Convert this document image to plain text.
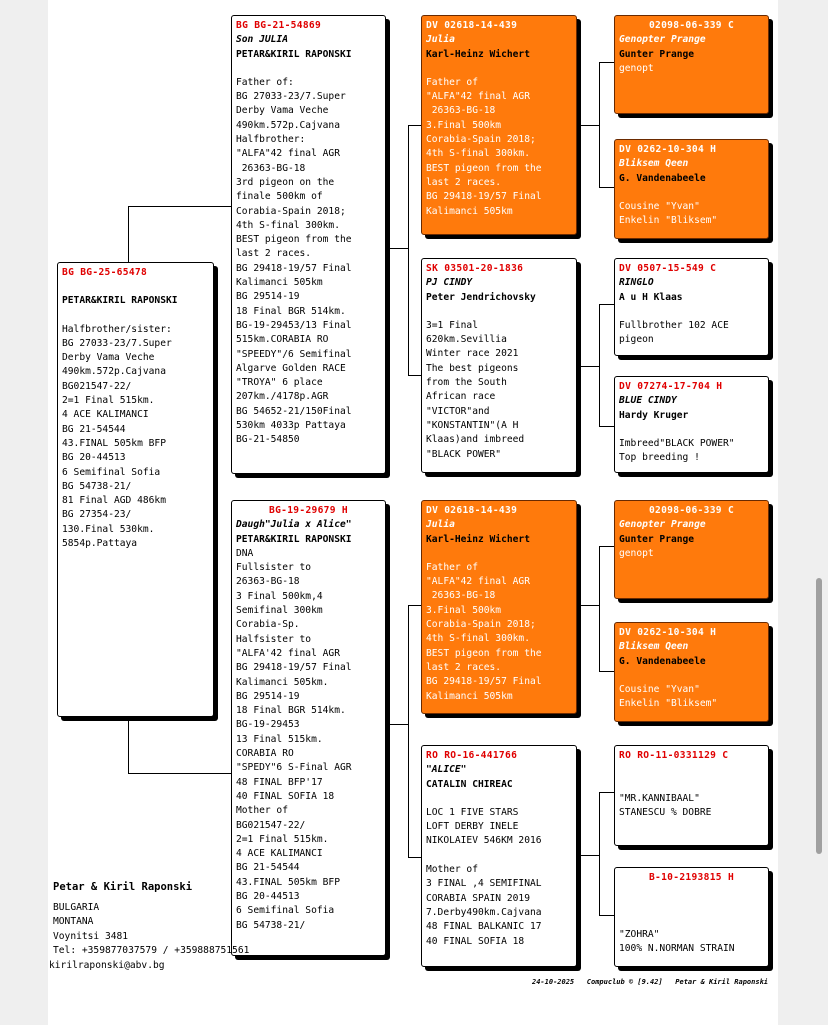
BG BG-25-65478
PETAR&KIRIL RAPONSKI
Halfbrother/sister:
BG 27033-23/7.Super
Derby Vama Veche
490km.572p.Cajvana
BG021547-22/
2=1 Final 515km.
4 ACE KALIMANCI
BG 21-54544
43.FINAL 505km BFP
BG 20-44513
6 Semifinal Sofia
BG 54738-21/
81 Final AGD 486km
BG 27354-23/
130.Final 530km.
5854p.Pattaya
BG BG-21-54869
Son JULIA
PETAR&KIRIL RAPONSKI
Father of:
BG 27033-23/7.Super
Derby Vama Veche
490km.572p.Cajvana
Halfbrother:
"ALFA"42 final AGR
26363-BG-18
3rd pigeon on the
finale 500km of
Corabia-Spain 2018;
4th S-final 300km.
BEST pigeon from the
last 2 races.
BG 29418-19/57 Final
Kalimanci 505km
BG 29514-19
18 Final BGR 514km.
BG-19-29453/13 Final
515km.CORABIA RO
"SPEEDY"/6 Semifinal
Algarve Golden RACE
"TROYA" 6 place
207km./4178p.AGR
BG 54652-21/150Final
530km 4033p Pattaya
BG-21-54850
BG-19-29679 H
Daugh"Julia x Alice"
PETAR&KIRIL RAPONSKI
DNA
Fullsister to
26363-BG-18
3 Final 500km,4
Semifinal 300km
Corabia-Sp.
Halfsister to
"ALFA'42 final AGR
BG 29418-19/57 Final
Kalimanci 505km.
BG 29514-19
18 Final BGR 514km.
BG-19-29453
13 Final 515km.
CORABIA RO
"SPEDY"6 S-Final AGR
48 FINAL BFP'17
40 FINAL SOFIA 18
Mother of
BG021547-22/
2=1 Final 515km.
4 ACE KALIMANCI
BG 21-54544
43.FINAL 505km BFP
BG 20-44513
6 Semifinal Sofia
BG 54738-21/
DV 02618-14-439
Julia
Karl-Heinz Wichert
Father of
"ALFA"42 final AGR
26363-BG-18
3.Final 500km
Corabia-Spain 2018;
4th S-final 300km.
BEST pigeon from the
last 2 races.
BG 29418-19/57 Final
Kalimanci 505km
SK 03501-20-1836
PJ CINDY
Peter Jendrichovsky
3=1 Final
620km.Sevillia
Winter race 2021
The best pigeons
from the South
African race
"VICTOR"and
"KONSTANTIN"(A H
Klaas)and imbreed
"BLACK POWER"
DV 02618-14-439
Julia
Karl-Heinz Wichert
Father of
"ALFA"42 final AGR
26363-BG-18
3.Final 500km
Corabia-Spain 2018;
4th S-final 300km.
BEST pigeon from the
last 2 races.
BG 29418-19/57 Final
Kalimanci 505km
RO RO-16-441766
"ALICE"
CATALIN CHIREAC
LOC 1 FIVE STARS
LOFT DERBY INELE
NIKOLAIEV 546KM 2016

Mother of
3 FINAL ,4 SEMIFINAL
CORABIA SPAIN 2019
7.Derby490km.Cajvana
48 FINAL BALKANIC 17
40 FINAL SOFIA 18
02098-06-339 C
Genopter Prange
Gunter Prange
genopt
DV 0262-10-304 H
Bliksem Qeen
G. Vandenabeele

Cousine "Yvan"
Enkelin "Bliksem"
DV 0507-15-549 C
RINGLO
A u H Klaas

Fullbrother 102 ACE
pigeon
DV 07274-17-704 H
BLUE CINDY
Hardy Kruger

Imbreed"BLACK POWER"
Top breeding !
02098-06-339 C
Genopter Prange
Gunter Prange
genopt
DV 0262-10-304 H
Bliksem Qeen
G. Vandenabeele

Cousine "Yvan"
Enkelin "Bliksem"
RO RO-11-0331129 C

"MR.KANNIBAAL"
STANESCU % DOBRE
B-10-2193815 H

"ZOHRA"
100% N.NORMAN STRAIN
Petar & Kiril Raponski
BULGARIA
MONTANA
Voynitsi 3481
Tel: +359877037579 / +359888751561
kirilraponski@abv.bg
24-10-2025   Compuclub © [9.42]   Petar & Kiril Raponski
